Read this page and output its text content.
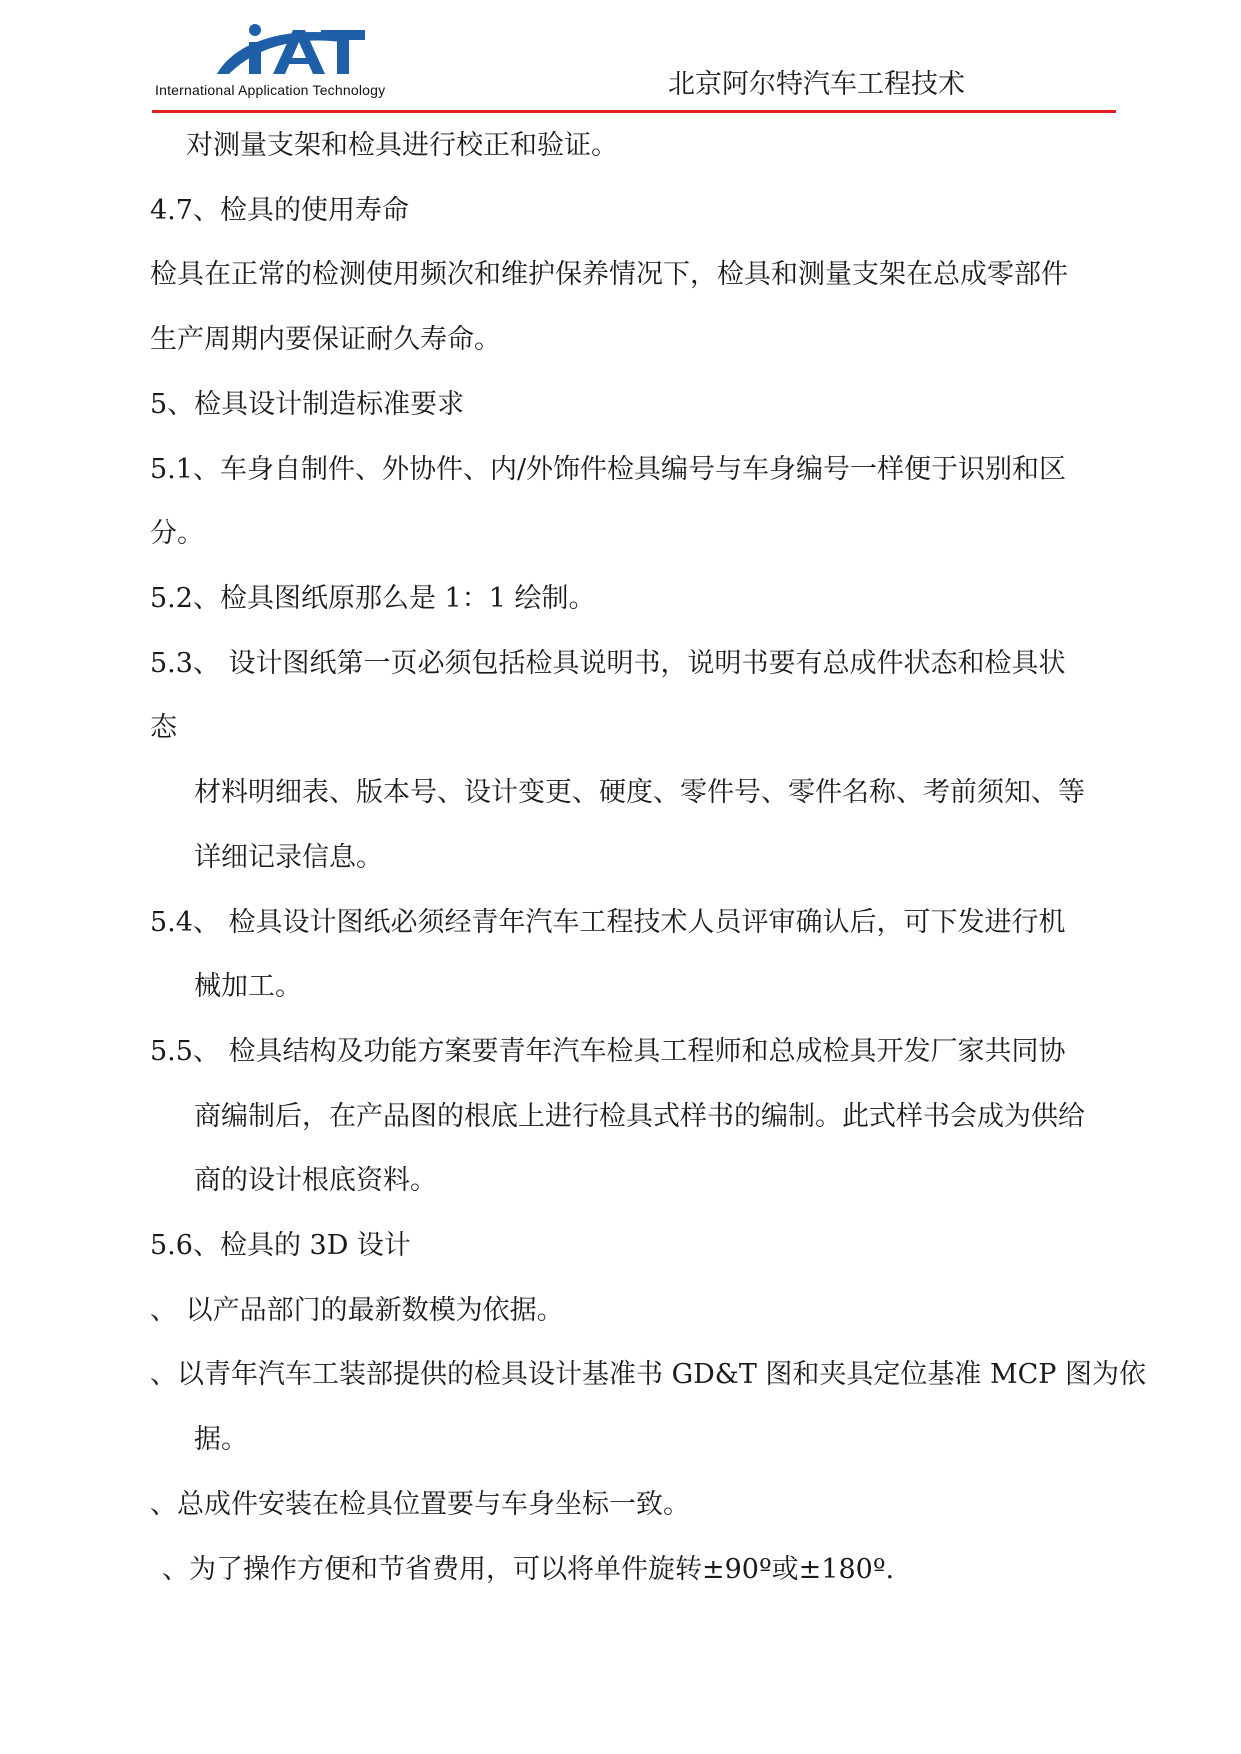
International Application Technology	北京阿尔特汽车工程技术
对测量支架和检具进行校正和验证。
4.7、检具的使用寿命
检具在正常的检测使用频次和维护保养情况下，检具和测量支架在总成零部件
生产周期内要保证耐久寿命。
5、检具设计制造标准要求
5.1、车身自制件、外协件、内/外饰件检具编号与车身编号一样便于识别和区
分。
5.2、检具图纸原那么是 1：1 绘制。
5.3、 设计图纸第一页必须包括检具说明书，说明书要有总成件状态和检具状
态
材料明细表、版本号、设计变更、硬度、零件号、零件名称、考前须知、等
详细记录信息。
5.4、 检具设计图纸必须经青年汽车工程技术人员评审确认后，可下发进行机
械加工。
5.5、 检具结构及功能方案要青年汽车检具工程师和总成检具开发厂家共同协
商编制后，在产品图的根底上进行检具式样书的编制。此式样书会成为供给
商的设计根底资料。
5.6、检具的 3D 设计
、 以产品部门的最新数模为依据。
、以青年汽车工装部提供的检具设计基准书 GD&T 图和夹具定位基准 MCP 图为依
据。
、总成件安装在检具位置要与车身坐标一致。
、为了操作方便和节省费用，可以将单件旋转±90º或±180º.
